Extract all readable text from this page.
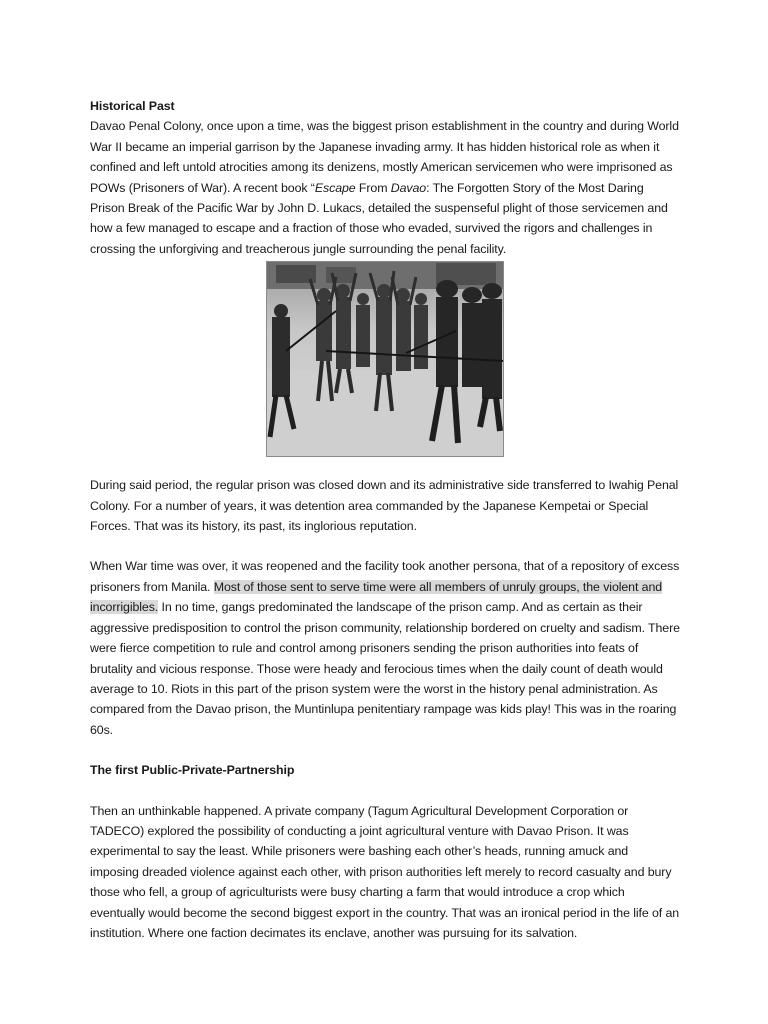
Historical Past

Davao Penal Colony, once upon a time, was the biggest prison establishment in the country and during World War II became an imperial garrison by the Japanese invading army. It has hidden historical role as when it confined and left untold atrocities among its denizens, mostly American servicemen who were imprisoned as POWs (Prisoners of War). A recent book “Escape From Davao: The Forgotten Story of the Most Daring Prison Break of the Pacific War by John D. Lukacs, detailed the suspenseful plight of those servicemen and how a few managed to escape and a fraction of those who evaded, survived the rigors and challenges in crossing the unforgiving and treacherous jungle surrounding the penal facility.

During said period, the regular prison was closed down and its administrative side transferred to Iwahig Penal Colony. For a number of years, it was detention area commanded by the Japanese Kempetai or Special Forces. That was its history, its past, its inglorious reputation.

When War time was over, it was reopened and the facility took another persona, that of a repository of excess prisoners from Manila. Most of those sent to serve time were all members of unruly groups, the violent and incorrigibles. In no time, gangs predominated the landscape of the prison camp. And as certain as their aggressive predisposition to control the prison community, relationship bordered on cruelty and sadism. There were fierce competition to rule and control among prisoners sending the prison authorities into feats of brutality and vicious response. Those were heady and ferocious times when the daily count of death would average to 10. Riots in this part of the prison system were the worst in the history penal administration. As compared from the Davao prison, the Muntinlupa penitentiary rampage was kids play! This was in the roaring 60s.

The first Public-Private-Partnership

Then an unthinkable happened. A private company (Tagum Agricultural Development Corporation or TADECO) explored the possibility of conducting a joint agricultural venture with Davao Prison. It was experimental to say the least. While prisoners were bashing each other’s heads, running amuck and imposing dreaded violence against each other, with prison authorities left merely to record casualty and bury those who fell, a group of agriculturists were busy charting a farm that would introduce a crop which eventually would become the second biggest export in the country. That was an ironical period in the life of an institution. Where one faction decimates its enclave, another was pursuing for its salvation.
